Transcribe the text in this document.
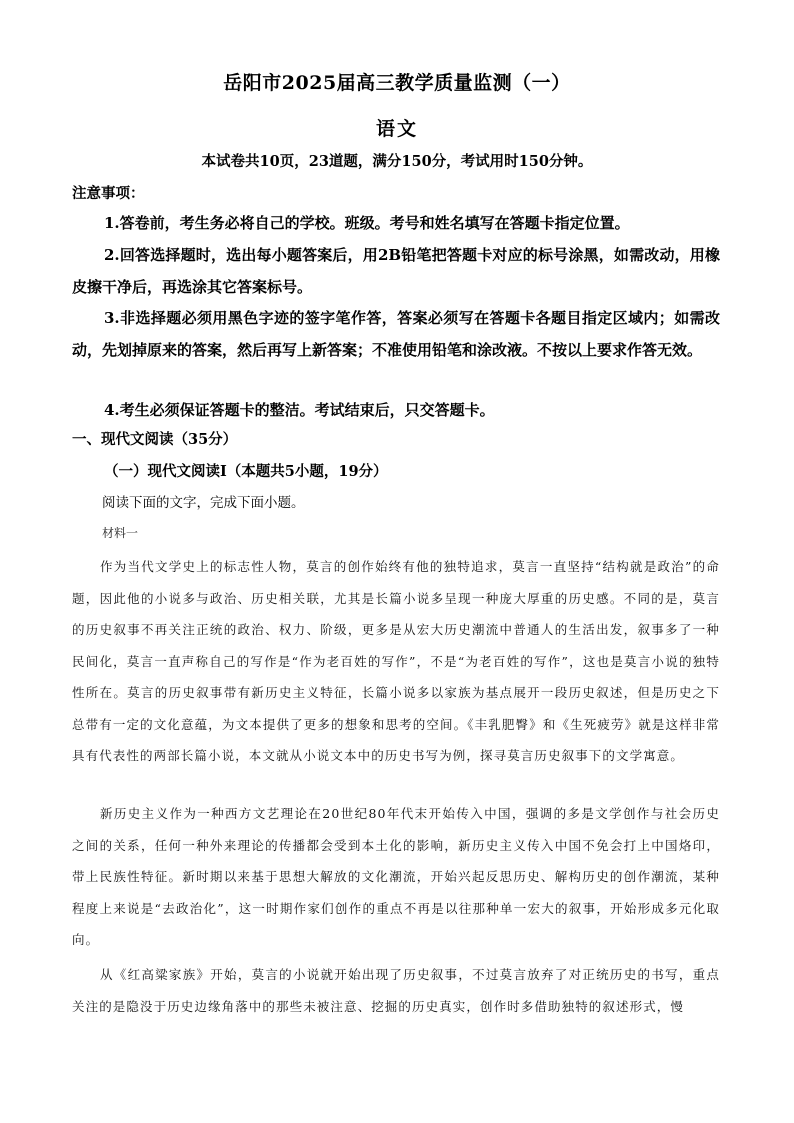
岳阳市2025届高三教学质量监测（一）
语文
本试卷共10页，23道题，满分150分，考试用时150分钟。
注意事项：
1.答卷前，考生务必将自己的学校。班级。考号和姓名填写在答题卡指定位置。
2.回答选择题时，选出每小题答案后，用2B铅笔把答题卡对应的标号涂黑，如需改动，用橡皮擦干净后，再选涂其它答案标号。
3.非选择题必须用黑色字迹的签字笔作答，答案必须写在答题卡各题目指定区域内；如需改动，先划掉原来的答案，然后再写上新答案；不准使用铅笔和涂改液。不按以上要求作答无效。
4.考生必须保证答题卡的整洁。考试结束后，只交答题卡。
一、现代文阅读（35分）
（一）现代文阅读Ⅰ（本题共5小题，19分）
阅读下面的文字，完成下面小题。
材料一
作为当代文学史上的标志性人物，莫言的创作始终有他的独特追求，莫言一直坚持“结构就是政治”的命题，因此他的小说多与政治、历史相关联，尤其是长篇小说多呈现一种庞大厚重的历史感。不同的是，莫言的历史叙事不再关注正统的政治、权力、阶级，更多是从宏大历史潮流中普通人的生活出发，叙事多了一种民间化，莫言一直声称自己的写作是“作为老百姓的写作”，不是“为老百姓的写作”，这也是莫言小说的独特性所在。莫言的历史叙事带有新历史主义特征，长篇小说多以家族为基点展开一段历史叙述，但是历史之下总带有一定的文化意蕴，为文本提供了更多的想象和思考的空间。《丰乳肥臀》和《生死疲劳》就是这样非常具有代表性的两部长篇小说，本文就从小说文本中的历史书写为例，探寻莫言历史叙事下的文学寓意。
新历史主义作为一种西方文艺理论在20世纪80年代末开始传入中国，强调的多是文学创作与社会历史之间的关系，任何一种外来理论的传播都会受到本土化的影响，新历史主义传入中国不免会打上中国烙印，带上民族性特征。新时期以来基于思想大解放的文化潮流，开始兴起反思历史、解构历史的创作潮流，某种程度上来说是“去政治化”，这一时期作家们创作的重点不再是以往那种单一宏大的叙事，开始形成多元化取向。
从《红高粱家族》开始，莫言的小说就开始出现了历史叙事，不过莫言放弃了对正统历史的书写，重点关注的是隐没于历史边缘角落中的那些未被注意、挖掘的历史真实，创作时多借助独特的叙述形式，慢
